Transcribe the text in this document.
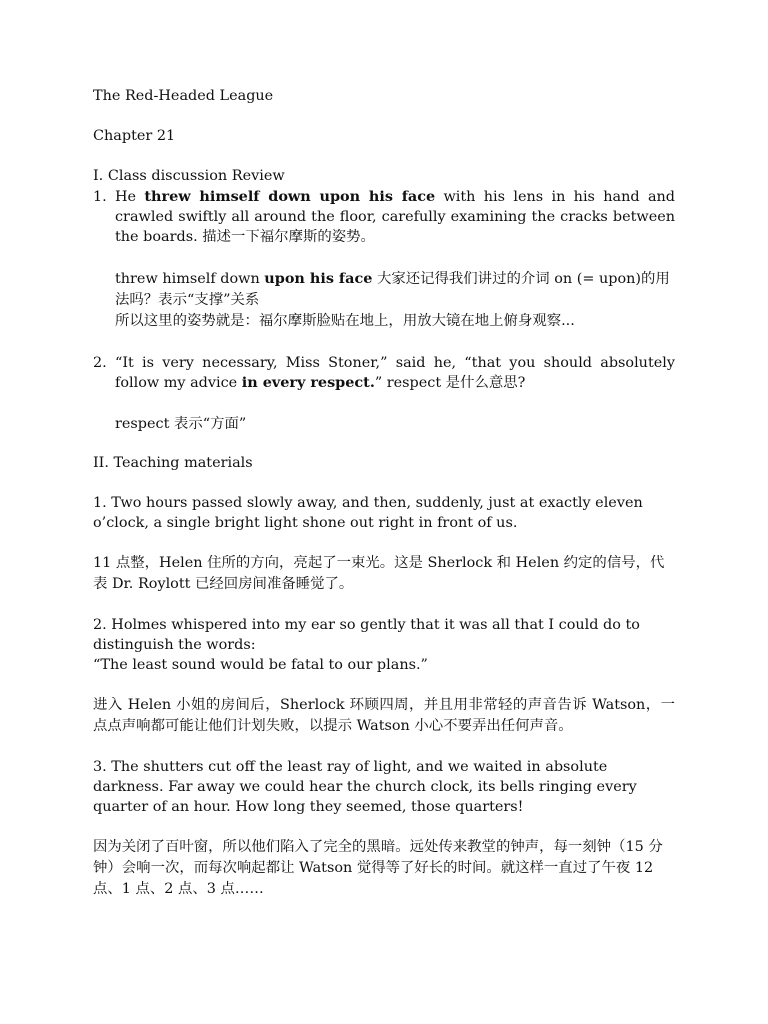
The Red-Headed League

Chapter 21

I. Class discussion Review

1. He threw himself down upon his face with his lens in his hand and crawled swiftly all around the floor, carefully examining the cracks between the boards. 描述一下福尔摩斯的姿势。

threw himself down upon his face 大家还记得我们讲过的介词 on (= upon)的用法吗？表示“支撑”关系

所以这里的姿势就是：福尔摩斯脸贴在地上，用放大镜在地上俯身观察...

2. “It is very necessary, Miss Stoner,” said he, “that you should absolutely follow my advice in every respect.” respect 是什么意思?

respect 表示“方面”

II. Teaching materials

1. Two hours passed slowly away, and then, suddenly, just at exactly eleven o’clock, a single bright light shone out right in front of us.

11 点整，Helen 住所的方向，亮起了一束光。这是 Sherlock 和 Helen 约定的信号，代表 Dr. Roylott 已经回房间准备睡觉了。

2. Holmes whispered into my ear so gently that it was all that I could do to distinguish the words:

“The least sound would be fatal to our plans.”

进入 Helen 小姐的房间后，Sherlock 环顾四周，并且用非常轻的声音告诉 Watson，一点点声响都可能让他们计划失败，以提示 Watson 小心不要弄出任何声音。

3. The shutters cut off the least ray of light, and we waited in absolute darkness. Far away we could hear the church clock, its bells ringing every quarter of an hour. How long they seemed, those quarters!

因为关闭了百叶窗，所以他们陷入了完全的黑暗。远处传来教堂的钟声，每一刻钟（15 分钟）会响一次，而每次响起都让 Watson 觉得等了好长的时间。就这样一直过了午夜 12 点、1 点、2 点、3 点……
